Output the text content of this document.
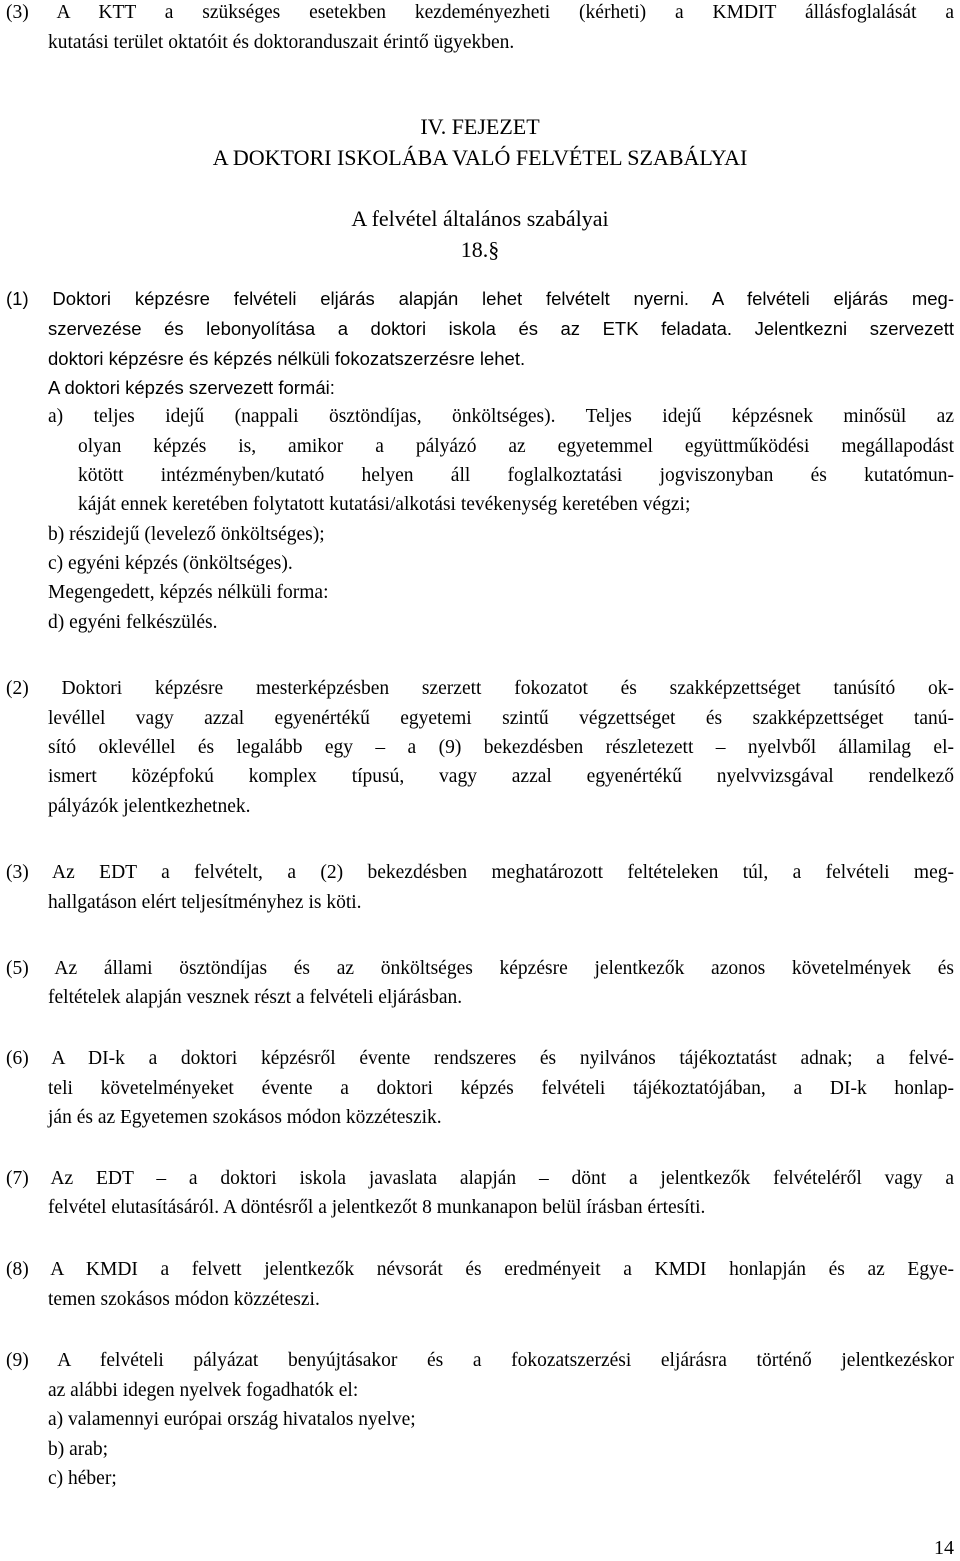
(3) A KTT a szükséges esetekben kezdeményezheti (kérheti) a KMDIT állásfoglalását a
kutatási terület oktatóit és doktoranduszait érintő ügyekben.
IV. FEJEZET
A DOKTORI ISKOLÁBA VALÓ FELVÉTEL SZABÁLYAI
A felvétel általános szabályai
18.§
(1) Doktori képzésre felvételi eljárás alapján lehet felvételt nyerni. A felvételi eljárás meg-
szervezése és lebonyolítása a doktori iskola és az ETK feladata. Jelentkezni szervezett
doktori képzésre és képzés nélküli fokozatszerzésre lehet.
A doktori képzés szervezett formái:
a) teljes idejű (nappali ösztöndíjas, önköltséges). Teljes idejű képzésnek minősül az
olyan képzés is, amikor a pályázó az egyetemmel együttműködési megállapodást
kötött intézményben/kutató helyen áll foglalkoztatási jogviszonyban és kutatómun-
káját ennek keretében folytatott kutatási/alkotási tevékenység keretében végzi;
b) részidejű (levelező önköltséges);
c) egyéni képzés (önköltséges).
Megengedett, képzés nélküli forma:
d) egyéni felkészülés.
(2) Doktori képzésre mesterképzésben szerzett fokozatot és szakképzettséget tanúsító ok-
levéllel vagy azzal egyenértékű egyetemi szintű végzettséget és szakképzettséget tanú-
sító oklevéllel és legalább egy – a (9) bekezdésben részletezett – nyelvből államilag el-
ismert középfokú komplex típusú, vagy azzal egyenértékű nyelvvizsgával rendelkező
pályázók jelentkezhetnek.
(3) Az EDT a felvételt, a (2) bekezdésben meghatározott feltételeken túl, a felvételi meg-
hallgatáson elért teljesítményhez is köti.
(5) Az állami ösztöndíjas és az önköltséges képzésre jelentkezők azonos követelmények és
feltételek alapján vesznek részt a felvételi eljárásban.
(6) A DI-k a doktori képzésről évente rendszeres és nyilvános tájékoztatást adnak; a felvé-
teli követelményeket évente a doktori képzés felvételi tájékoztatójában, a DI-k honlap-
ján és az Egyetemen szokásos módon közzéteszik.
(7) Az EDT – a doktori iskola javaslata alapján – dönt a jelentkezők felvételéről vagy a
felvétel elutasításáról. A döntésről a jelentkezőt 8 munkanapon belül írásban értesíti.
(8) A KMDI a felvett jelentkezők névsorát és eredményeit a KMDI honlapján és az Egye-
temen szokásos módon közzéteszi.
(9) A felvételi pályázat benyújtásakor és a fokozatszerzési eljárásra történő jelentkezéskor
az alábbi idegen nyelvek fogadhatók el:
a) valamennyi európai ország hivatalos nyelve;
b) arab;
c) héber;
14
